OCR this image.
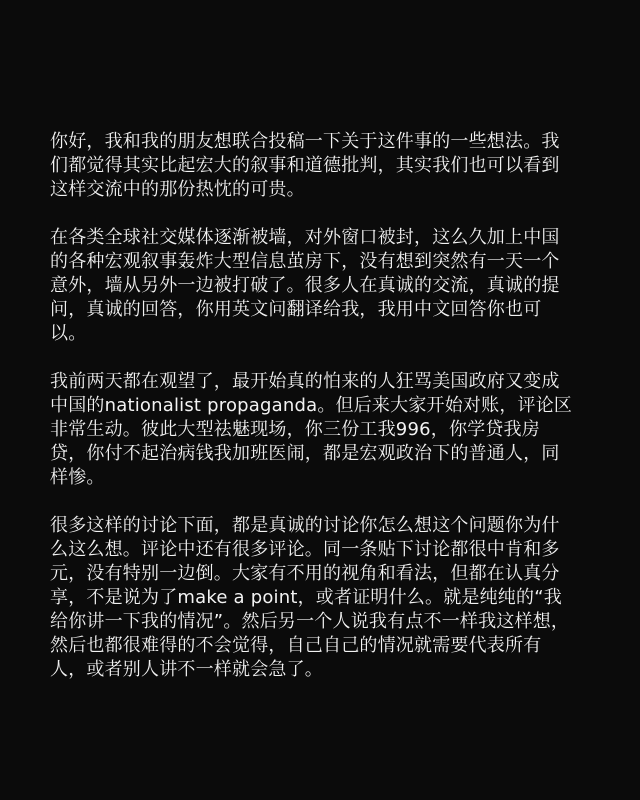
你好，我和我的朋友想联合投稿一下关于这件事的一些想法。我们都觉得其实比起宏大的叙事和道德批判，其实我们也可以看到这样交流中的那份热忱的可贵。

在各类全球社交媒体逐渐被墙，对外窗口被封，这么久加上中国的各种宏观叙事轰炸大型信息茧房下，没有想到突然有一天一个意外，墙从另外一边被打破了。很多人在真诚的交流，真诚的提问，真诚的回答，你用英文问翻译给我，我用中文回答你也可以。

我前两天都在观望了，最开始真的怕来的人狂骂美国政府又变成中国的nationalist propaganda。但后来大家开始对账，评论区非常生动。彼此大型祛魅现场，你三份工我996，你学贷我房贷，你付不起治病钱我加班医闹，都是宏观政治下的普通人，同样惨。

很多这样的讨论下面，都是真诚的讨论你怎么想这个问题你为什么这么想。评论中还有很多评论。同一条贴下讨论都很中肯和多元，没有特别一边倒。大家有不用的视角和看法，但都在认真分享，不是说为了make a point，或者证明什么。就是纯纯的“我给你讲一下我的情况”。然后另一个人说我有点不一样我这样想，然后也都很难得的不会觉得，自己自己的情况就需要代表所有人，或者别人讲不一样就会急了。
